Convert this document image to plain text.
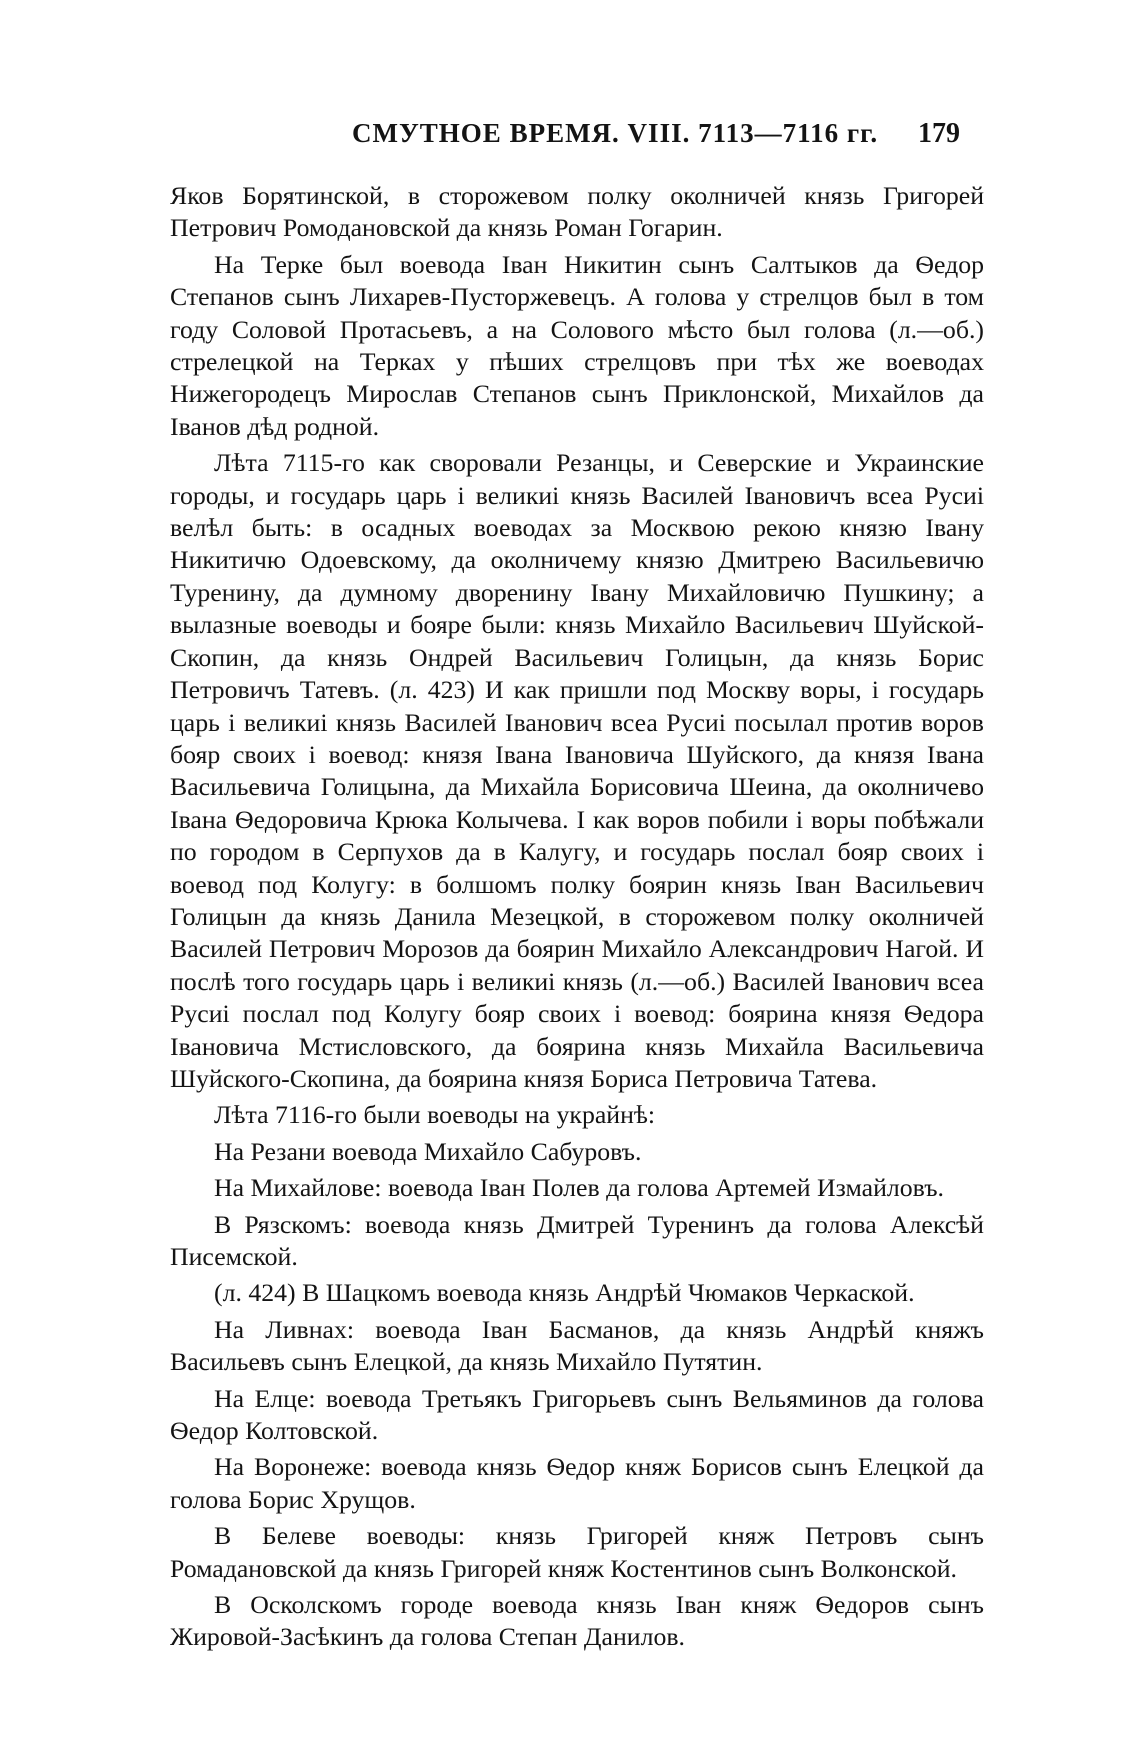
СМУТНОЕ ВРЕМЯ. VIII. 7113—7116 гг. 179

Яков Борятинской, в сторожевом полку околничей князь Григорей Петрович Ромодановской да князь Роман Гогарин.

На Терке был воевода Іван Никитин сынъ Салтыков да Ѳедор Степанов сынъ Лихарев-Пусторжевецъ. А голова у стрелцов был в том году Соловой Протасьевъ, а на Солового мѣсто был голова (л.—об.) стрелецкой на Терках у пѣших стрелцовъ при тѣх же воеводах Нижегородецъ Мирослав Степанов сынъ Приклонской, Михайлов да Іванов дѣд родной.

Лѣта 7115-го как своровали Резанцы, и Северские и Украинские городы, и государь царь і великиі князь Василей Івановичъ всеа Русиі велѣл быть: в осадных воеводах за Москвою рекою князю Івану Никитичю Одоевскому, да околничему князю Дмитрею Васильевичю Туренину, да думному дворенину Івану Михайловичю Пушкину; а вылазные воеводы и бояре были: князь Михайло Васильевич Шуйской-Скопин, да князь Ондрей Васильевич Голицын, да князь Борис Петровичъ Татевъ. (л. 423) И как пришли под Москву воры, і государь царь і великиі князь Василей Іванович всеа Русиі посылал против воров бояр своих і воевод: князя Івана Івановича Шуйского, да князя Івана Васильевича Голицына, да Михайла Борисовича Шеина, да околничево Івана Ѳедоровича Крюка Колычева. І как воров побили і воры побѣжали по городом в Серпухов да в Калугу, и государь послал бояр своих і воевод под Колугу: в болшомъ полку боярин князь Іван Васильевич Голицын да князь Данила Мезецкой, в сторожевом полку околничей Василей Петрович Морозов да боярин Михайло Александрович Нагой. И послѣ того государь царь і великиі князь (л.—об.) Василей Іванович всеа Русиі послал под Колугу бояр своих і воевод: боярина князя Ѳедора Івановича Мстисловского, да боярина князь Михайла Васильевича Шуйского-Скопина, да боярина князя Бориса Петровича Татева.

Лѣта 7116-го были воеводы на украйнѣ:

На Резани воевода Михайло Сабуровъ.

На Михайлове: воевода Іван Полев да голова Артемей Измайловъ.

В Рязскомъ: воевода князь Дмитрей Туренинъ да голова Алексѣй Писемской.

(л. 424) В Шацкомъ воевода князь Андрѣй Чюмаков Черкаской.

На Ливнах: воевода Іван Басманов, да князь Андрѣй княжъ Васильевъ сынъ Елецкой, да князь Михайло Путятин.

На Елце: воевода Третьякъ Григорьевъ сынъ Вельяминов да голова Ѳедор Колтовской.

На Воронеже: воевода князь Ѳедор княж Борисов сынъ Елецкой да голова Борис Хрущов.

В Белеве воеводы: князь Григорей княж Петровъ сынъ Ромадановской да князь Григорей княж Костентинов сынъ Волконской.

В Осколскомъ городе воевода князь Іван княж Ѳедоров сынъ Жировой-Засѣкинъ да голова Степан Данилов.
